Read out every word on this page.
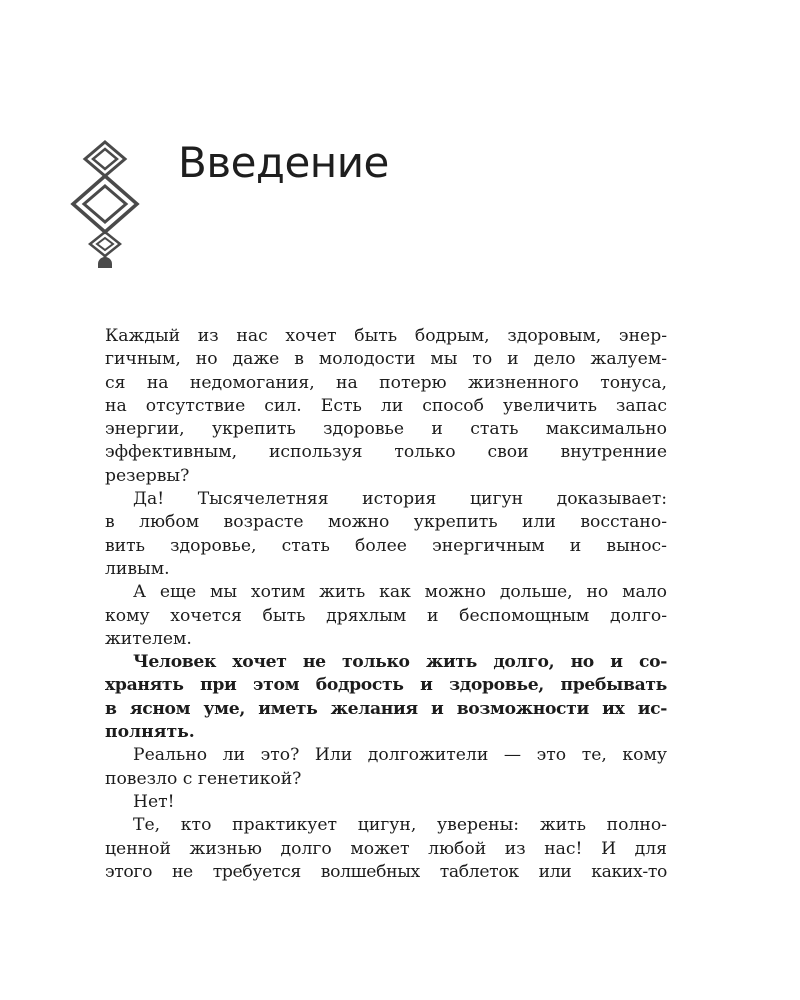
Введение
Каждый из нас хочет быть бодрым, здоровым, энер-
гичным, но даже в молодости мы то и дело жалуем-
ся на недомогания, на потерю жизненного тонуса,
на отсутствие сил. Есть ли способ увеличить запас
энергии, укрепить здоровье и стать максимально
эффективным, используя только свои внутренние
резервы?
Да! Тысячелетняя история цигун доказывает:
в любом возрасте можно укрепить или восстано-
вить здоровье, стать более энергичным и вынос-
ливым.
А еще мы хотим жить как можно дольше, но мало
кому хочется быть дряхлым и беспомощным долго-
жителем.
Человек хочет не только жить долго, но и со-
хранять при этом бодрость и здоровье, пребывать
в ясном уме, иметь желания и возможности их ис-
полнять.
Реально ли это? Или долгожители — это те, кому
повезло с генетикой?
Нет!
Те, кто практикует цигун, уверены: жить полно-
ценной жизнью долго может любой из нас! И для
этого не требуется волшебных таблеток или каких-то
